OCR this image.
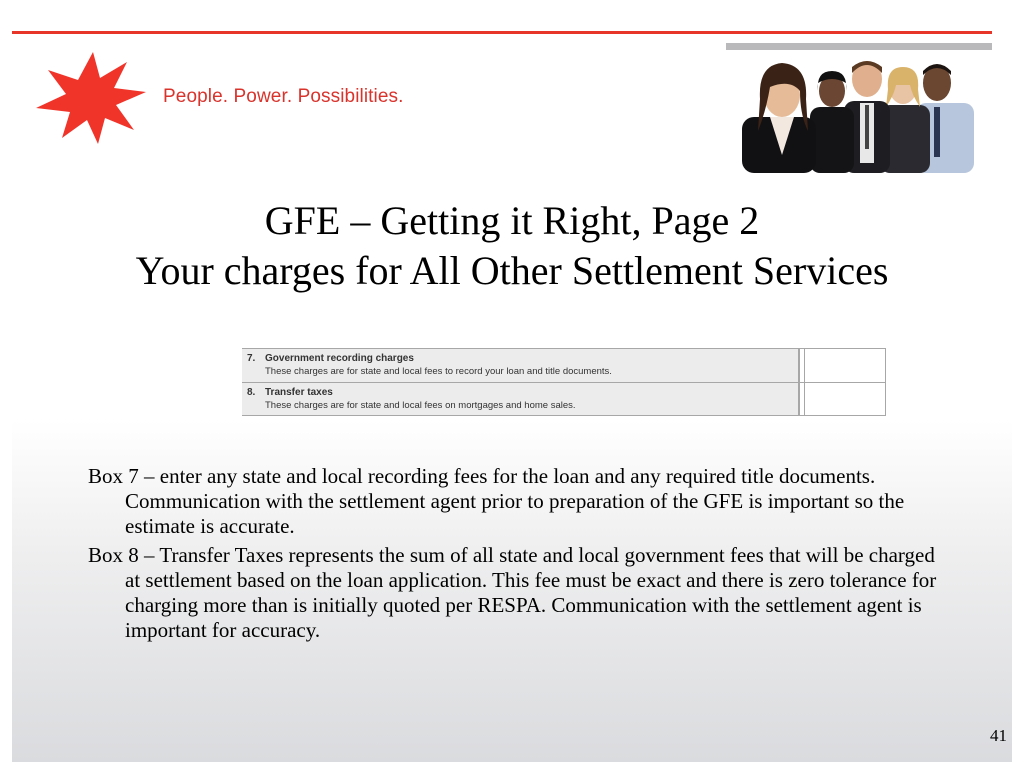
People. Power. Possibilities.
GFE – Getting it Right, Page 2
Your charges for All Other Settlement Services
7. Government recording charges
These charges are for state and local fees to record your loan and title documents.
8. Transfer taxes
These charges are for state and local fees on mortgages and home sales.

Box 7 – enter any state and local recording fees for the loan and any required title documents. Communication with the settlement agent prior to preparation of the GFE is important so the estimate is accurate.

Box 8 – Transfer Taxes represents the sum of all state and local government fees that will be charged at settlement based on the loan application. This fee must be exact and there is zero tolerance for charging more than is initially quoted per RESPA. Communication with the settlement agent is important for accuracy.

41
